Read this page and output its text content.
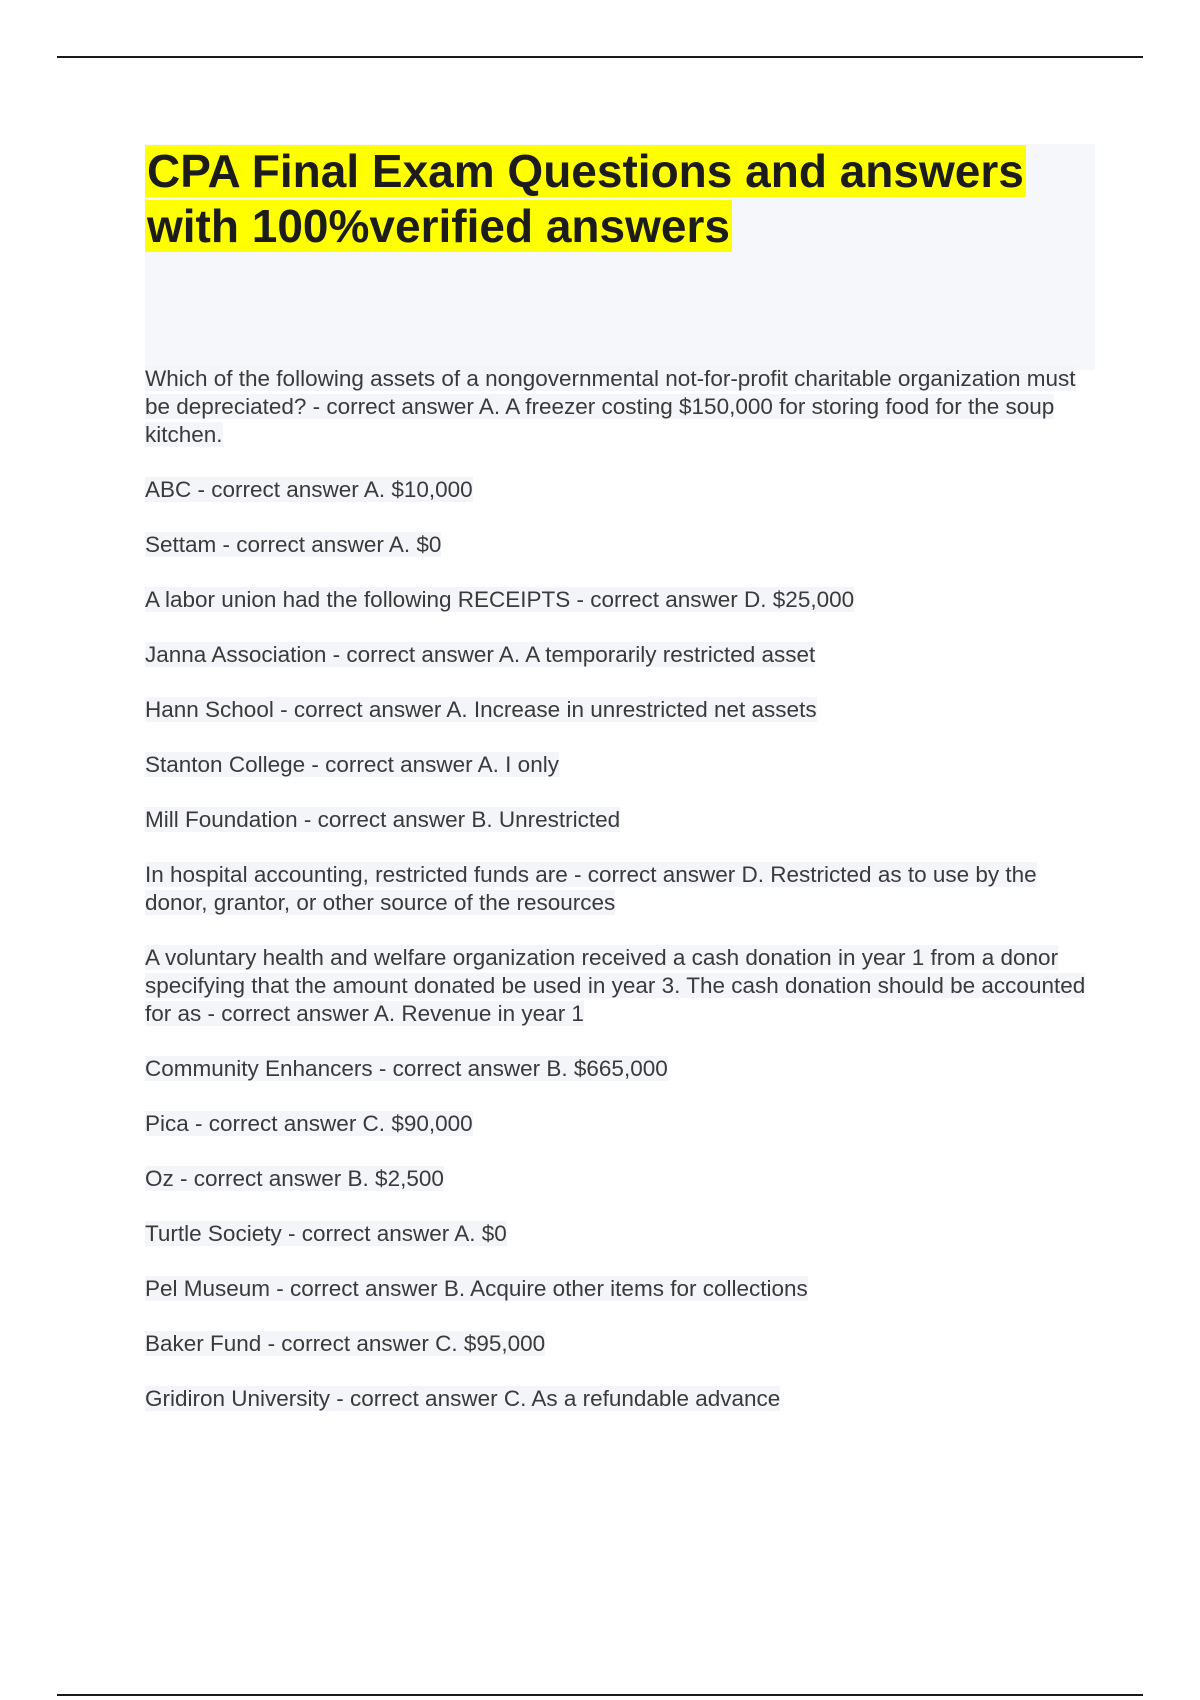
CPA Final Exam Questions and answers
with 100%verified answers
Which of the following assets of a nongovernmental not-for-profit charitable organization must be depreciated? - correct answer A. A freezer costing $150,000 for storing food for the soup kitchen.
ABC - correct answer A. $10,000
Settam - correct answer A. $0
A labor union had the following RECEIPTS - correct answer D. $25,000
Janna Association - correct answer A. A temporarily restricted asset
Hann School - correct answer A. Increase in unrestricted net assets
Stanton College - correct answer A. I only
Mill Foundation - correct answer B. Unrestricted
In hospital accounting, restricted funds are - correct answer D. Restricted as to use by the donor, grantor, or other source of the resources
A voluntary health and welfare organization received a cash donation in year 1 from a donor specifying that the amount donated be used in year 3. The cash donation should be accounted for as - correct answer A. Revenue in year 1
Community Enhancers - correct answer B. $665,000
Pica - correct answer C. $90,000
Oz - correct answer B. $2,500
Turtle Society - correct answer A. $0
Pel Museum - correct answer B. Acquire other items for collections
Baker Fund - correct answer C. $95,000
Gridiron University - correct answer C. As a refundable advance
